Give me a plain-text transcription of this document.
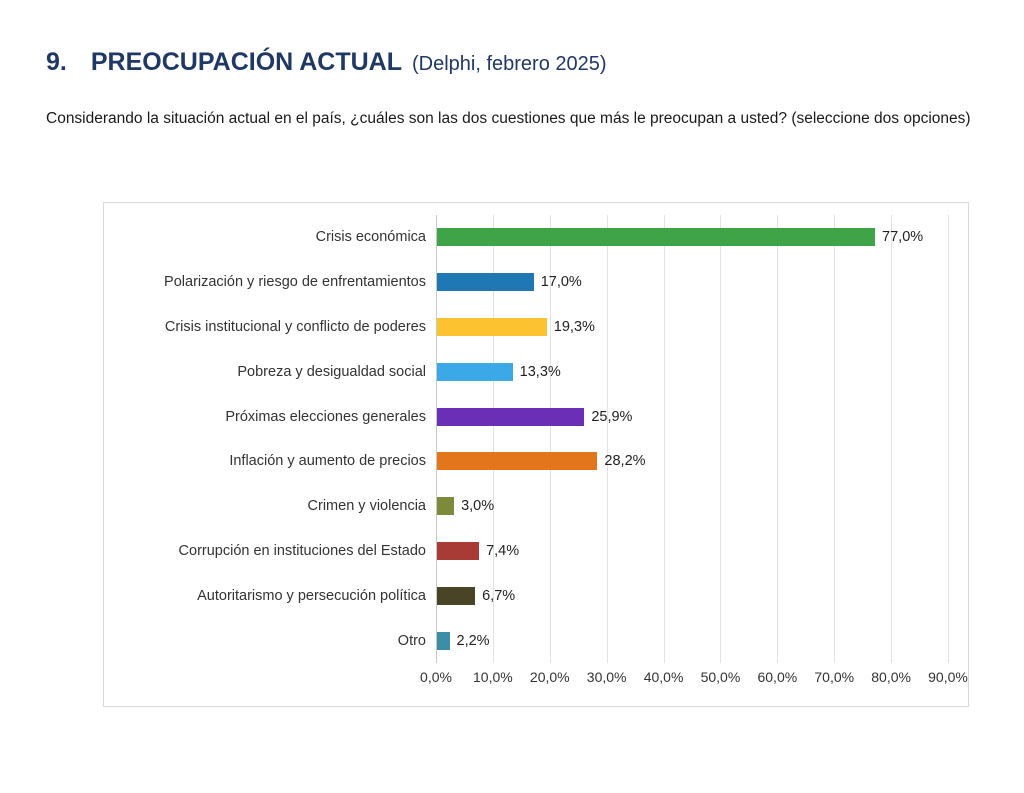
9. PREOCUPACIÓN ACTUAL (Delphi, febrero 2025)
Considerando la situación actual en el país, ¿cuáles son las dos cuestiones que más le preocupan a usted? (seleccione dos opciones)
Crisis económica	77,0%
Polarización y riesgo de enfrentamientos	17,0%
Crisis institucional y conflicto de poderes	19,3%
Pobreza y desigualdad social	13,3%
Próximas elecciones generales	25,9%
Inflación y aumento de precios	28,2%
Crimen y violencia 3,0%
Corrupción en instituciones del Estado	7,4%
Autoritarismo y persecución política	6,7%
Otro 2,2%
0,0% 10,0% 20,0% 30,0% 40,0% 50,0% 60,0% 70,0% 80,0% 90,0%
